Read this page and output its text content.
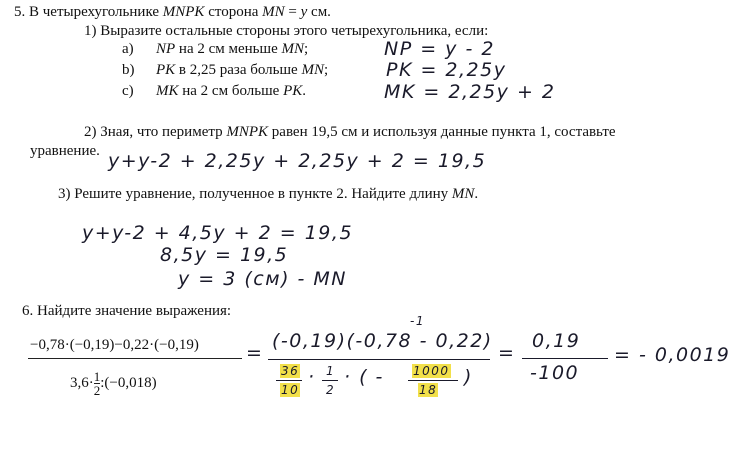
5. В четырехугольнике MNPK сторона MN = y см.
1) Выразите остальные стороны этого четырехугольника, если:
a) NP на 2 см меньше MN;	NP = y - 2
b) PK в 2,25 раза больше MN;	PK = 2,25y
c) MK на 2 см больше PK.	MK = 2,25y + 2
2) Зная, что периметр MNPK равен 19,5 см и используя данные пункта 1, составьте
уравнение. y+y-2 + 2,25y + 2,25y + 2 = 19,5
3) Решите уравнение, полученное в пункте 2. Найдите длину MN.
y+y-2 + 4,5y + 2 = 19,5
8,5y = 19,5
y = 3 (см) - MN
6. Найдите значение выражения:
−0,78·(−0,19)−0,22·(−0,19)
$3,6\cdot \frac{1}{2}$ :(−0,018)
=
(-0,19)(-0,78 - 0,22)
-1
36
10
· 1
2
· ( - 1000
18
)
=
0,19
-100
= - 0,0019
